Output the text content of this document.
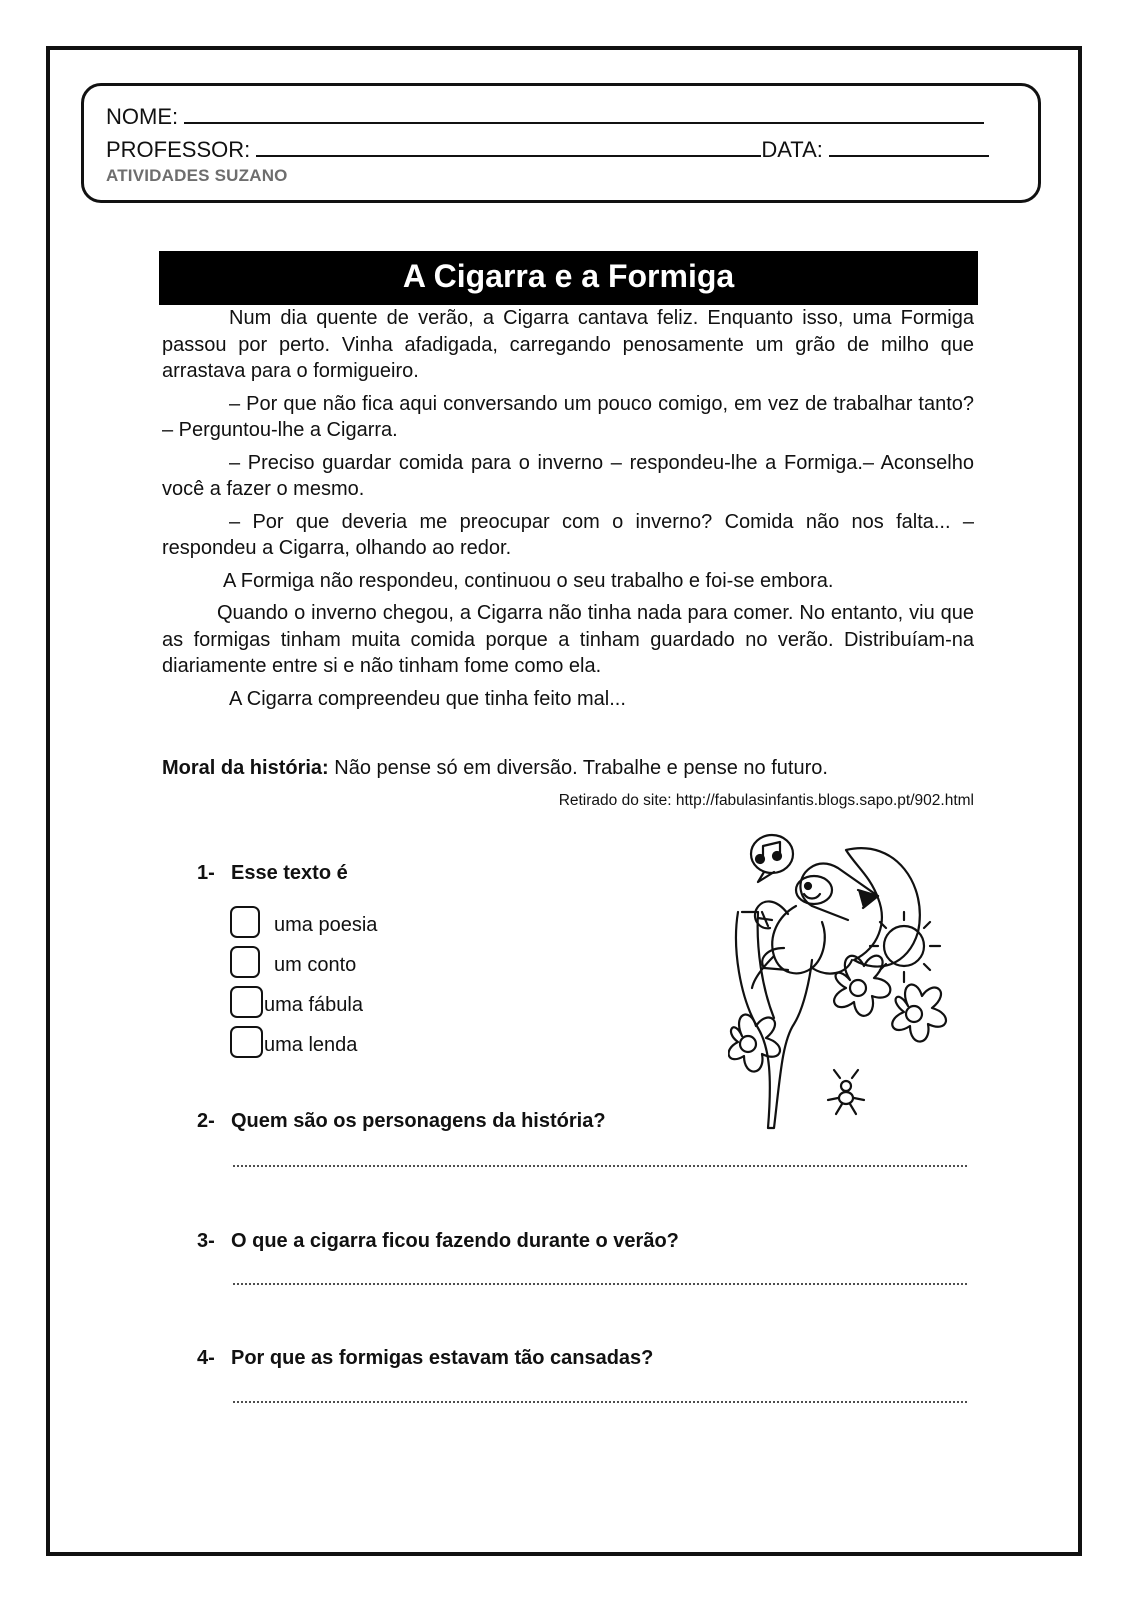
NOME:
PROFESSOR:	DATA:
ATIVIDADES SUZANO
A Cigarra e a Formiga

Num dia quente de verão, a Cigarra cantava feliz. Enquanto isso, uma Formiga passou por perto. Vinha afadigada, carregando penosamente um grão de milho que arrastava para o formigueiro.

– Por que não fica aqui conversando um pouco comigo, em vez de trabalhar tanto? – Perguntou-lhe a Cigarra.

– Preciso guardar comida para o inverno – respondeu-lhe a Formiga.– Aconselho você a fazer o mesmo.

– Por que deveria me preocupar com o inverno? Comida não nos falta... – respondeu a Cigarra, olhando ao redor.

A Formiga não respondeu, continuou o seu trabalho e foi-se embora.

Quando o inverno chegou, a Cigarra não tinha nada para comer. No entanto, viu que as formigas tinham muita comida porque a tinham guardado no verão. Distribuíam-na diariamente entre si e não tinham fome como ela.

A Cigarra compreendeu que tinha feito mal...

Moral da história: Não pense só em diversão. Trabalhe e pense no futuro.
Retirado do site: http://fabulasinfantis.blogs.sapo.pt/902.html
1- Esse texto é
uma poesia
um conto
uma fábula
uma lenda
2- Quem são os personagens da história?
3- O que a cigarra ficou fazendo durante o verão?
4- Por que as formigas estavam tão cansadas?
